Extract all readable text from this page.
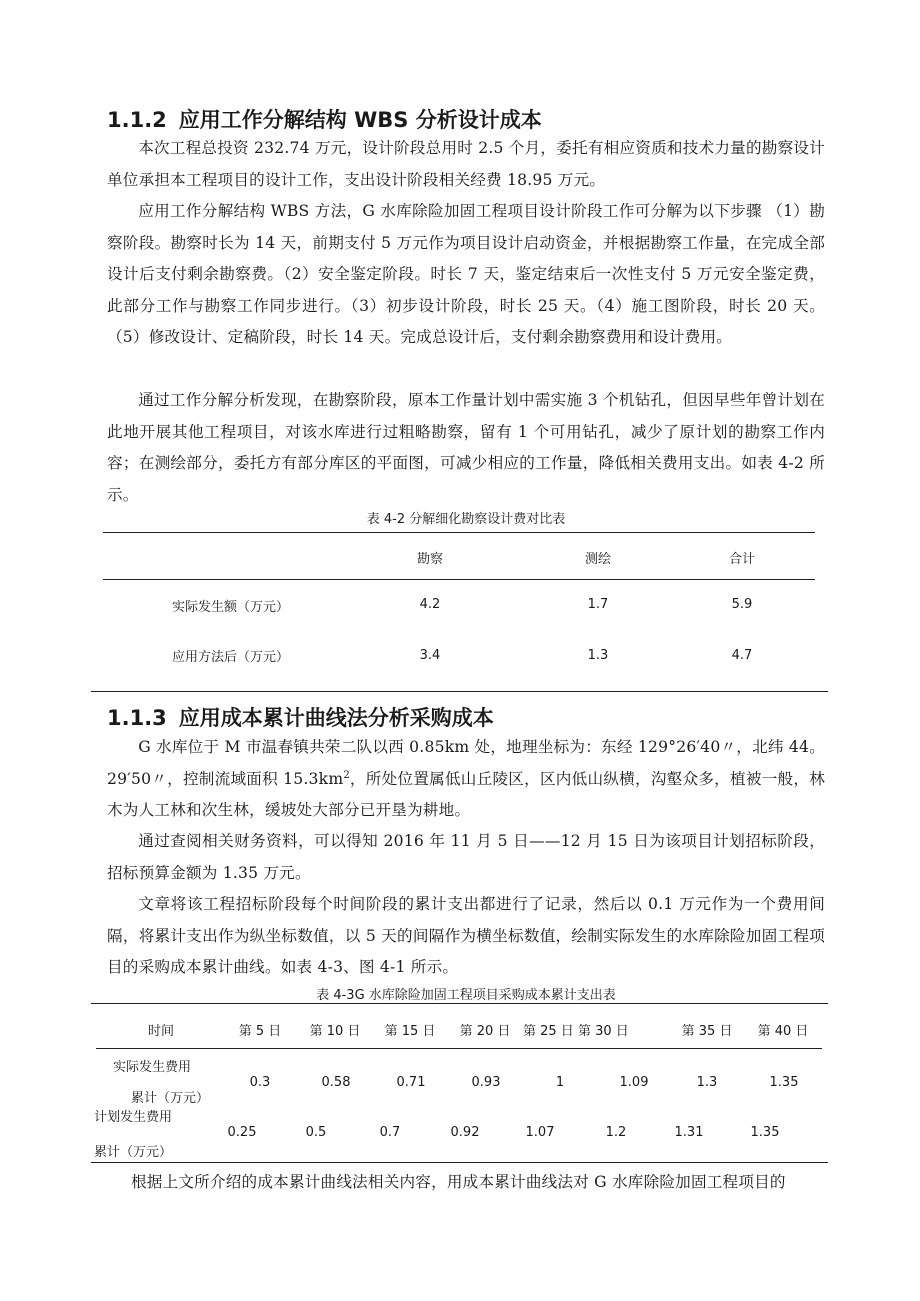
1.1.2 应用工作分解结构 WBS 分析设计成本
本次工程总投资 232.74 万元，设计阶段总用时 2.5 个月，委托有相应资质和技术力量的勘察设计单位承担本工程项目的设计工作，支出设计阶段相关经费 18.95 万元。
应用工作分解结构 WBS 方法，G 水库除险加固工程项目设计阶段工作可分解为以下步骤 （1）勘察阶段。勘察时长为 14 天，前期支付 5 万元作为项目设计启动资金，并根据勘察工作量，在完成全部设计后支付剩余勘察费。（2）安全鉴定阶段。时长 7 天，鉴定结束后一次性支付 5 万元安全鉴定费，此部分工作与勘察工作同步进行。（3）初步设计阶段，时长 25 天。（4）施工图阶段，时长 20 天。（5）修改设计、定稿阶段，时长 14 天。完成总设计后，支付剩余勘察费用和设计费用。
通过工作分解分析发现，在勘察阶段，原本工作量计划中需实施 3 个机钻孔，但因早些年曾计划在此地开展其他工程项目，对该水库进行过粗略勘察，留有 1 个可用钻孔，减少了原计划的勘察工作内容；在测绘部分，委托方有部分库区的平面图，可减少相应的工作量，降低相关费用支出。如表 4-2 所示。
表 4-2 分解细化勘察设计费对比表
勘察	测绘	合计
实际发生额（万元）	4.2	1.7	5.9
应用方法后（万元）	3.4	1.3	4.7
1.1.3 应用成本累计曲线法分析采购成本
G 水库位于 M 市温春镇共荣二队以西 0.85km 处，地理坐标为：东经 129°26′40〃，北纬 44。29′50〃，控制流域面积 $15.3km^2$，所处位置属低山丘陵区，区内低山纵横，沟壑众多，植被一般，林木为人工林和次生林，缓坡处大部分已开垦为耕地。
通过查阅相关财务资料，可以得知 2016 年 11 月 5 日——12 月 15 日为该项目计划招标阶段，招标预算金额为 1.35 万元。
文章将该工程招标阶段每个时间阶段的累计支出都进行了记录，然后以 0.1 万元作为一个费用间隔，将累计支出作为纵坐标数值，以 5 天的间隔作为横坐标数值，绘制实际发生的水库除险加固工程项目的采购成本累计曲线。如表 4-3、图 4-1 所示。
表 4-3G 水库除险加固工程项目采购成本累计支出表
时间	第 5 日	第 10 日	第 15 日	第 20 日 第 25 日 第 30 日	第 35 日	第 40 日
实际发生费用
累计（万元）
0.3	0.58	0.71	0.93	1	1.09	1.3	1.35
计划发生费用
累计（万元）
0.25	0.5	0.7	0.92	1.07	1.2	1.31	1.35
根据上文所介绍的成本累计曲线法相关内容，用成本累计曲线法对 G 水库除险加固工程项目的
